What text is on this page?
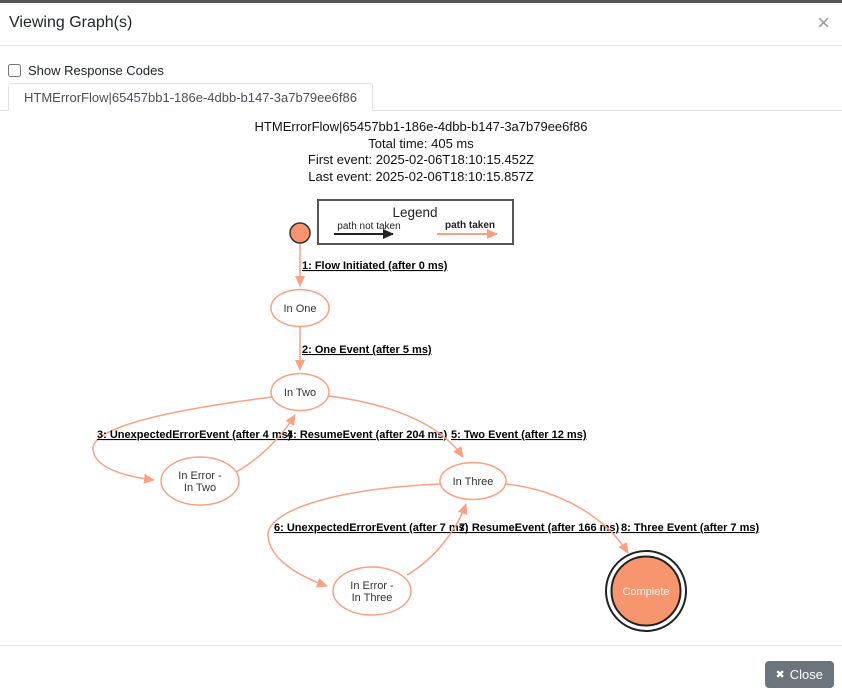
Viewing Graph(s)	×
Show Response Codes
HTMErrorFlow|65457bb1-186e-4dbb-b147-3a7b79ee6f86
HTMErrorFlow|65457bb1-186e-4dbb-b147-3a7b79ee6f86
Total time: 405 ms
First event: 2025-02-06T18:10:15.452Z
Last event: 2025-02-06T18:10:15.857Z
Legend
path not taken	path taken
1: Flow Initiated (after 0 ms)
In One
2: One Event (after 5 ms)
In Two
3: UnexpectedErrorEvent (after 4 ms)
4: ResumeEvent (after 204 ms) 5: Two Event (after 12 ms)
In Error -
In Two	In Three
6: UnexpectedErrorEvent (after 7 ms)
7: ResumeEvent (after 166 ms) 8: Three Event (after 7 ms)
In Error -
In Three	Complete
✖ Close
